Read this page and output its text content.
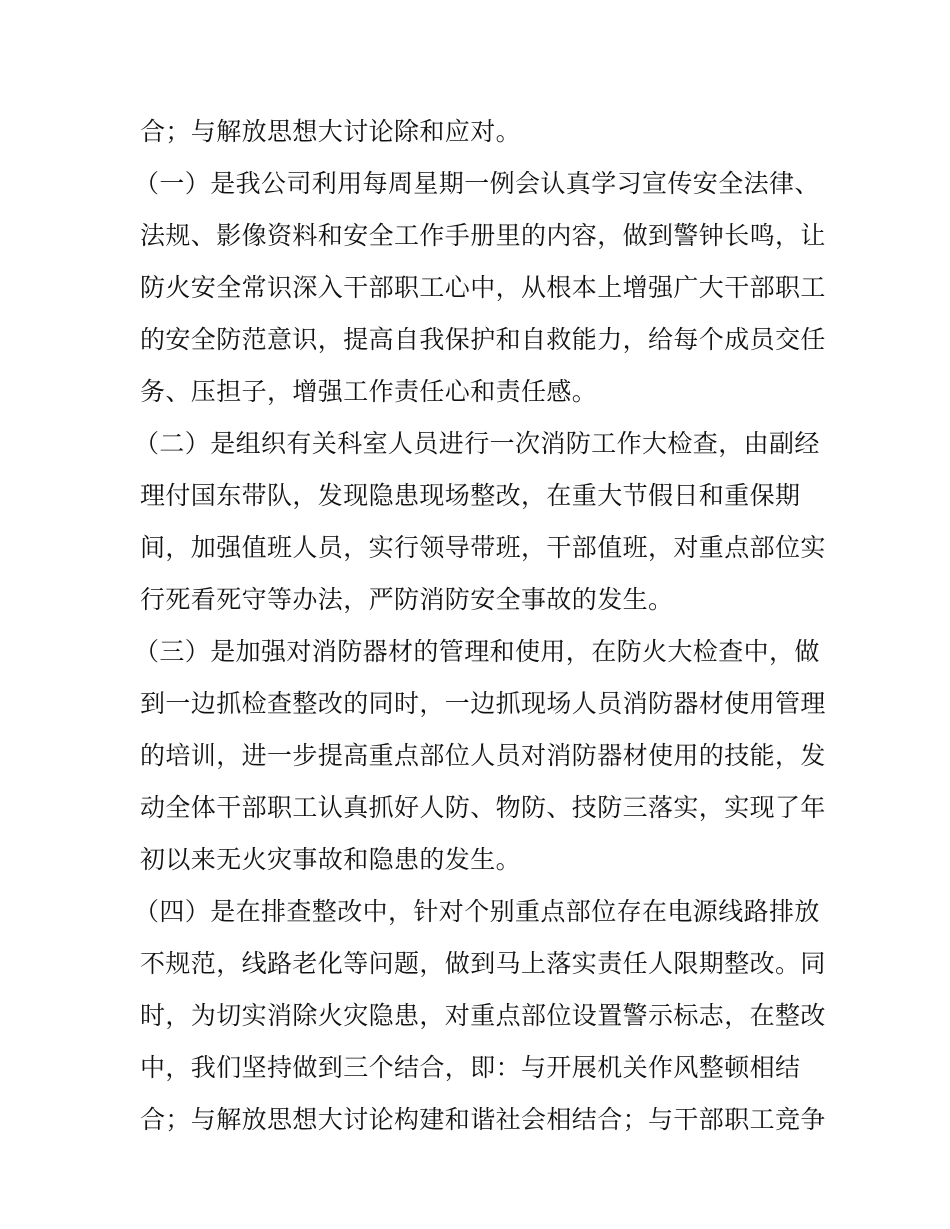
合；与解放思想大讨论除和应对。
（一）是我公司利用每周星期一例会认真学习宣传安全法律、
法规、影像资料和安全工作手册里的内容，做到警钟长鸣，让
防火安全常识深入干部职工心中，从根本上增强广大干部职工
的安全防范意识，提高自我保护和自救能力，给每个成员交任
务、压担子，增强工作责任心和责任感。
（二）是组织有关科室人员进行一次消防工作大检查，由副经
理付国东带队，发现隐患现场整改，在重大节假日和重保期
间，加强值班人员，实行领导带班，干部值班，对重点部位实
行死看死守等办法，严防消防安全事故的发生。
（三）是加强对消防器材的管理和使用，在防火大检查中，做
到一边抓检查整改的同时，一边抓现场人员消防器材使用管理
的培训，进一步提高重点部位人员对消防器材使用的技能，发
动全体干部职工认真抓好人防、物防、技防三落实，实现了年
初以来无火灾事故和隐患的发生。
（四）是在排查整改中，针对个别重点部位存在电源线路排放
不规范，线路老化等问题，做到马上落实责任人限期整改。同
时，为切实消除火灾隐患，对重点部位设置警示标志，在整改
中，我们坚持做到三个结合，即：与开展机关作风整顿相结
合；与解放思想大讨论构建和谐社会相结合；与干部职工竞争
